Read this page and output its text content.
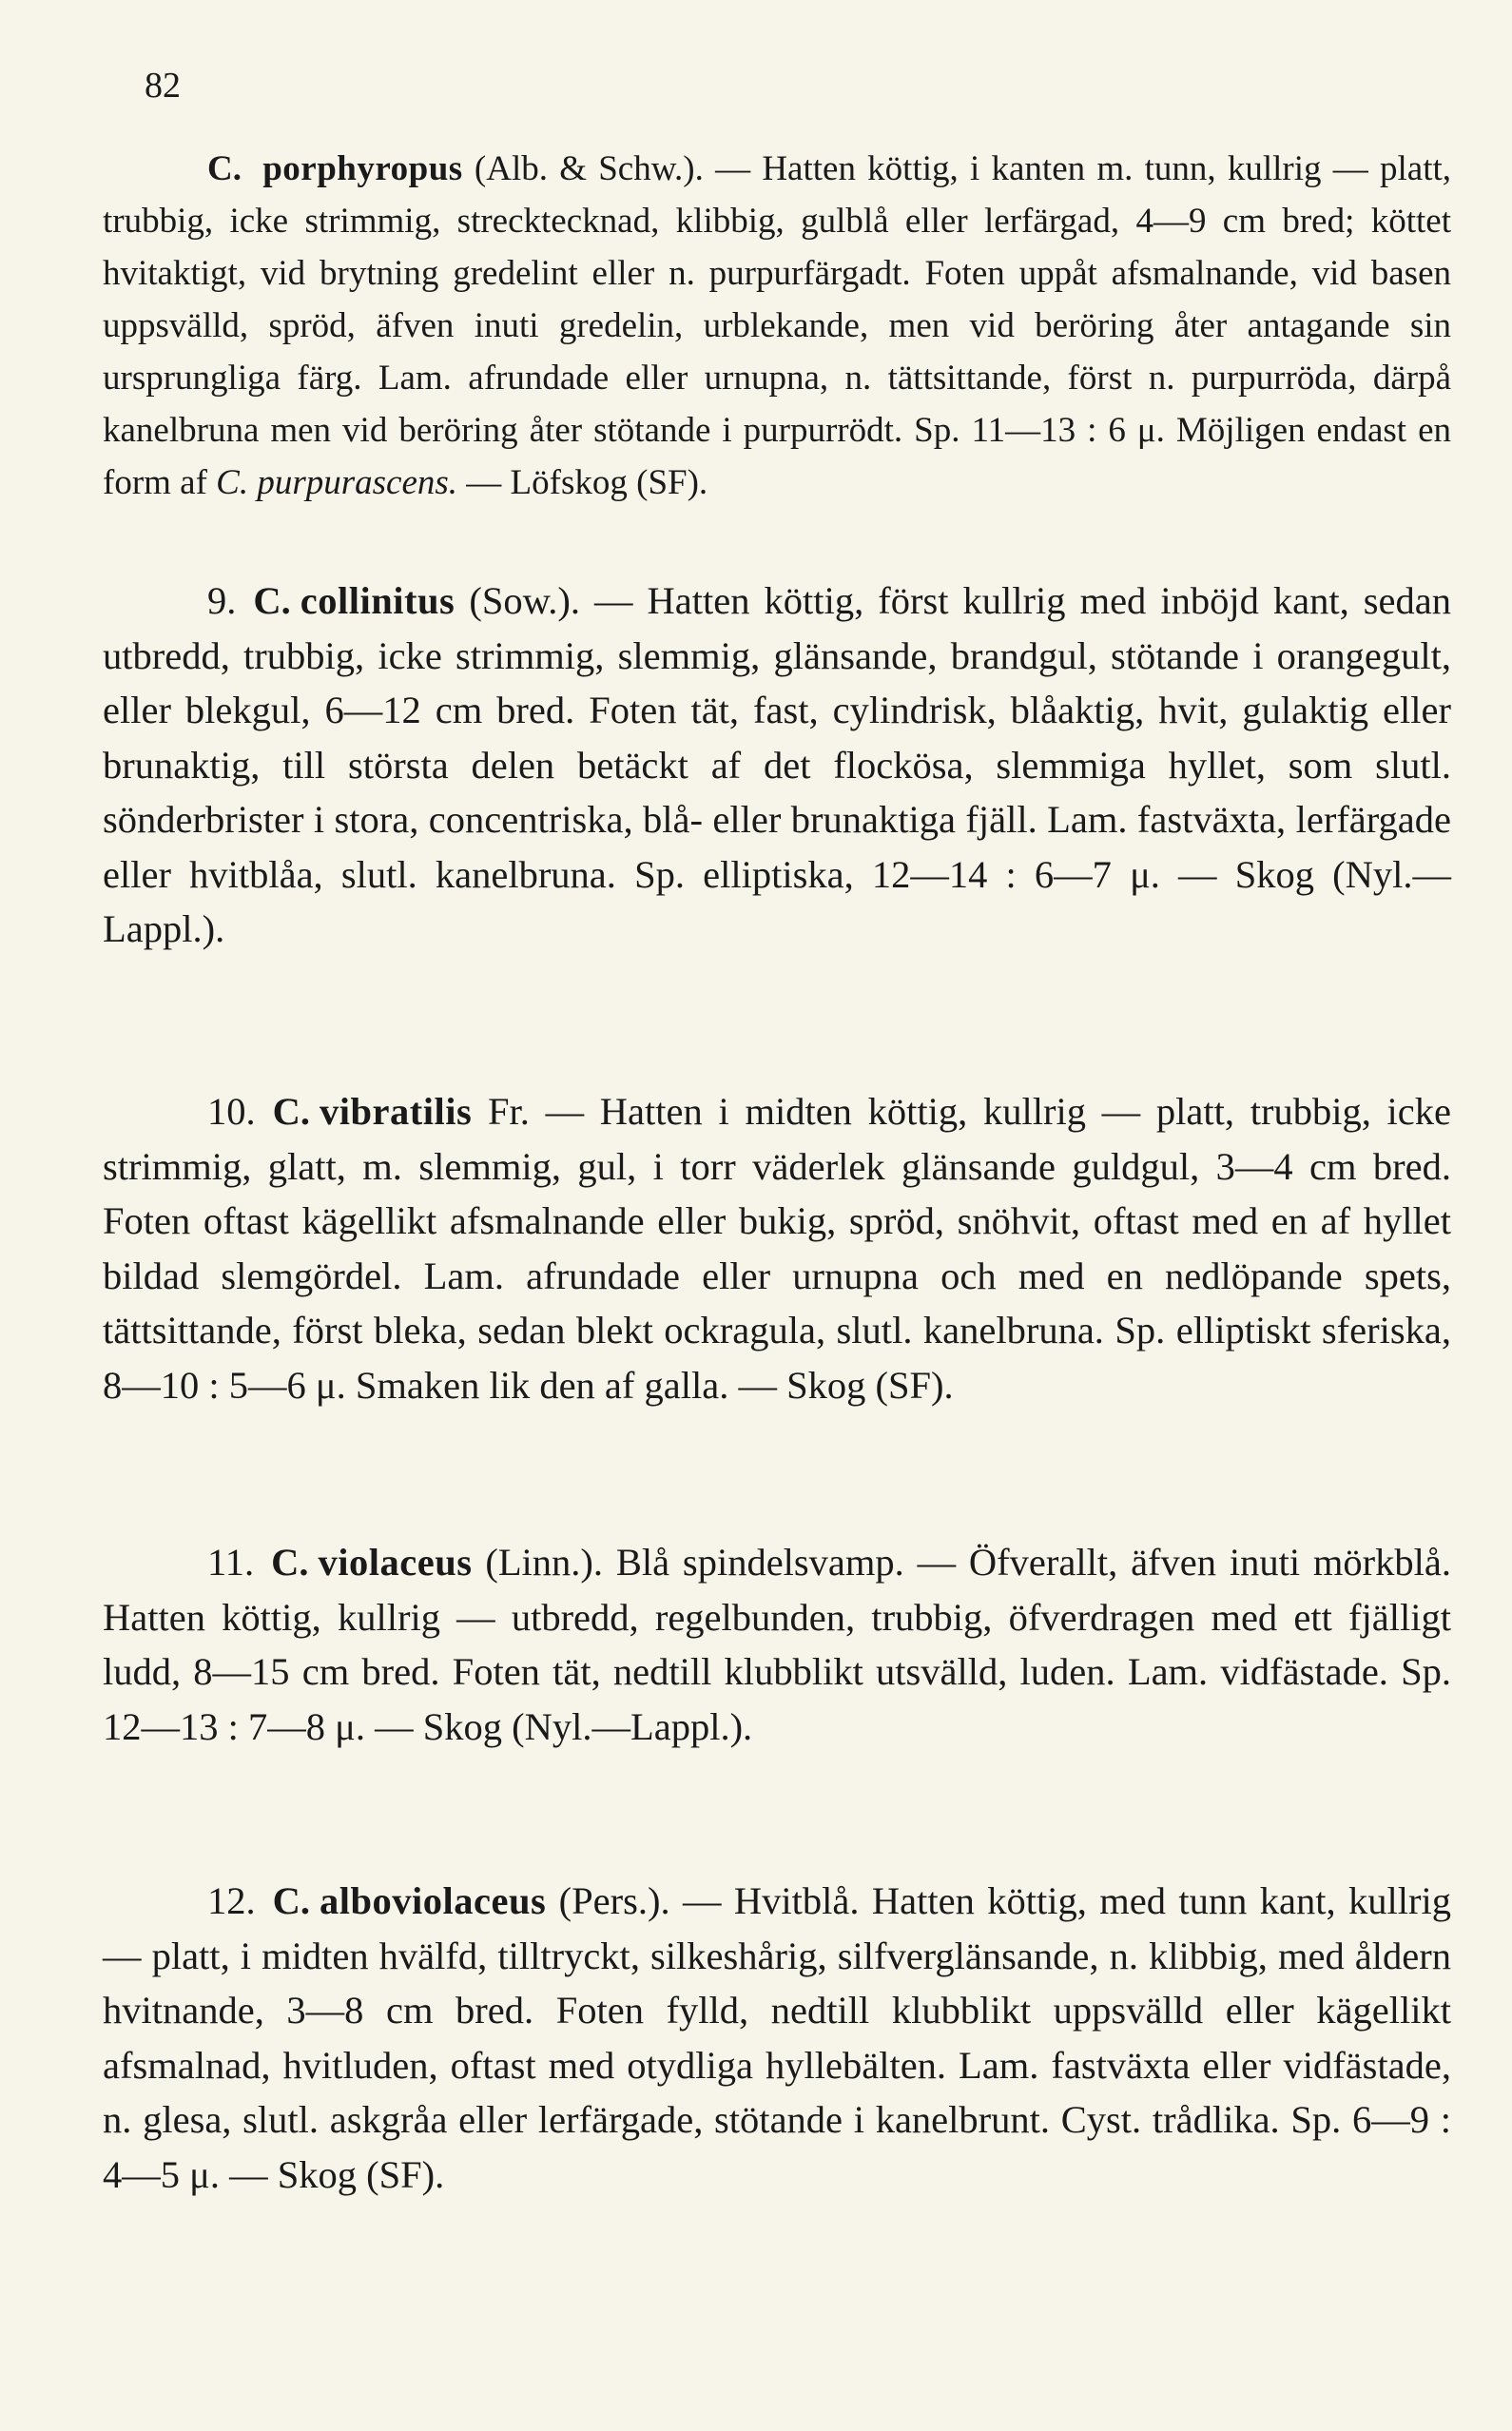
82

C. porphyropus (Alb. & Schw.). — Hatten köttig, i kanten m. tunn, kullrig — platt, trubbig, icke strimmig, strecktecknad, klibbig, gulblå eller lerfärgad, 4—9 cm bred; köttet hvitaktigt, vid brytning gredelint eller n. purpurfärgadt. Foten uppåt afsmalnande, vid basen uppsvälld, spröd, äfven inuti gredelin, urblekande, men vid beröring åter antagande sin ursprungliga färg. Lam. afrundade eller urnupna, n. tättsittande, först n. purpurröda, därpå kanelbruna men vid beröring åter stötande i purpurrödt. Sp. 11—13 : 6 μ. Möjligen endast en form af C. purpurascens. — Löfskog (SF).

9. C. collinitus (Sow.). — Hatten köttig, först kullrig med inböjd kant, sedan utbredd, trubbig, icke strimmig, slemmig, glänsande, brandgul, stötande i orangegult, eller blekgul, 6—12 cm bred. Foten tät, fast, cylindrisk, blåaktig, hvit, gulaktig eller brunaktig, till största delen betäckt af det flockösa, slemmiga hyllet, som slutl. sönderbrister i stora, concentriska, blå- eller brunaktiga fjäll. Lam. fastväxta, lerfärgade eller hvitblåa, slutl. kanelbruna. Sp. elliptiska, 12—14 : 6—7 μ. — Skog (Nyl.—Lappl.).

10. C. vibratilis Fr. — Hatten i midten köttig, kullrig — platt, trubbig, icke strimmig, glatt, m. slemmig, gul, i torr väderlek glänsande guldgul, 3—4 cm bred. Foten oftast kägellikt afsmalnande eller bukig, spröd, snöhvit, oftast med en af hyllet bildad slemgördel. Lam. afrundade eller urnupna och med en nedlöpande spets, tättsittande, först bleka, sedan blekt ockragula, slutl. kanelbruna. Sp. elliptiskt sferiska, 8—10 : 5—6 μ. Smaken lik den af galla. — Skog (SF).

11. C. violaceus (Linn.). Blå spindelsvamp. — Öfverallt, äfven inuti mörkblå. Hatten köttig, kullrig — utbredd, regelbunden, trubbig, öfverdragen med ett fjälligt ludd, 8—15 cm bred. Foten tät, nedtill klubblikt utsvälld, luden. Lam. vidfästade. Sp. 12—13 : 7—8 μ. — Skog (Nyl.—Lappl.).

12. C. alboviolaceus (Pers.). — Hvitblå. Hatten köttig, med tunn kant, kullrig — platt, i midten hvälfd, tilltryckt, silkeshårig, silfverglänsande, n. klibbig, med åldern hvitnande, 3—8 cm bred. Foten fylld, nedtill klubblikt uppsvälld eller kägellikt afsmalnad, hvitluden, oftast med otydliga hyllebälten. Lam. fastväxta eller vidfästade, n. glesa, slutl. askgråa eller lerfärgade, stötande i kanelbrunt. Cyst. trådlika. Sp. 6—9 : 4—5 μ. — Skog (SF).
